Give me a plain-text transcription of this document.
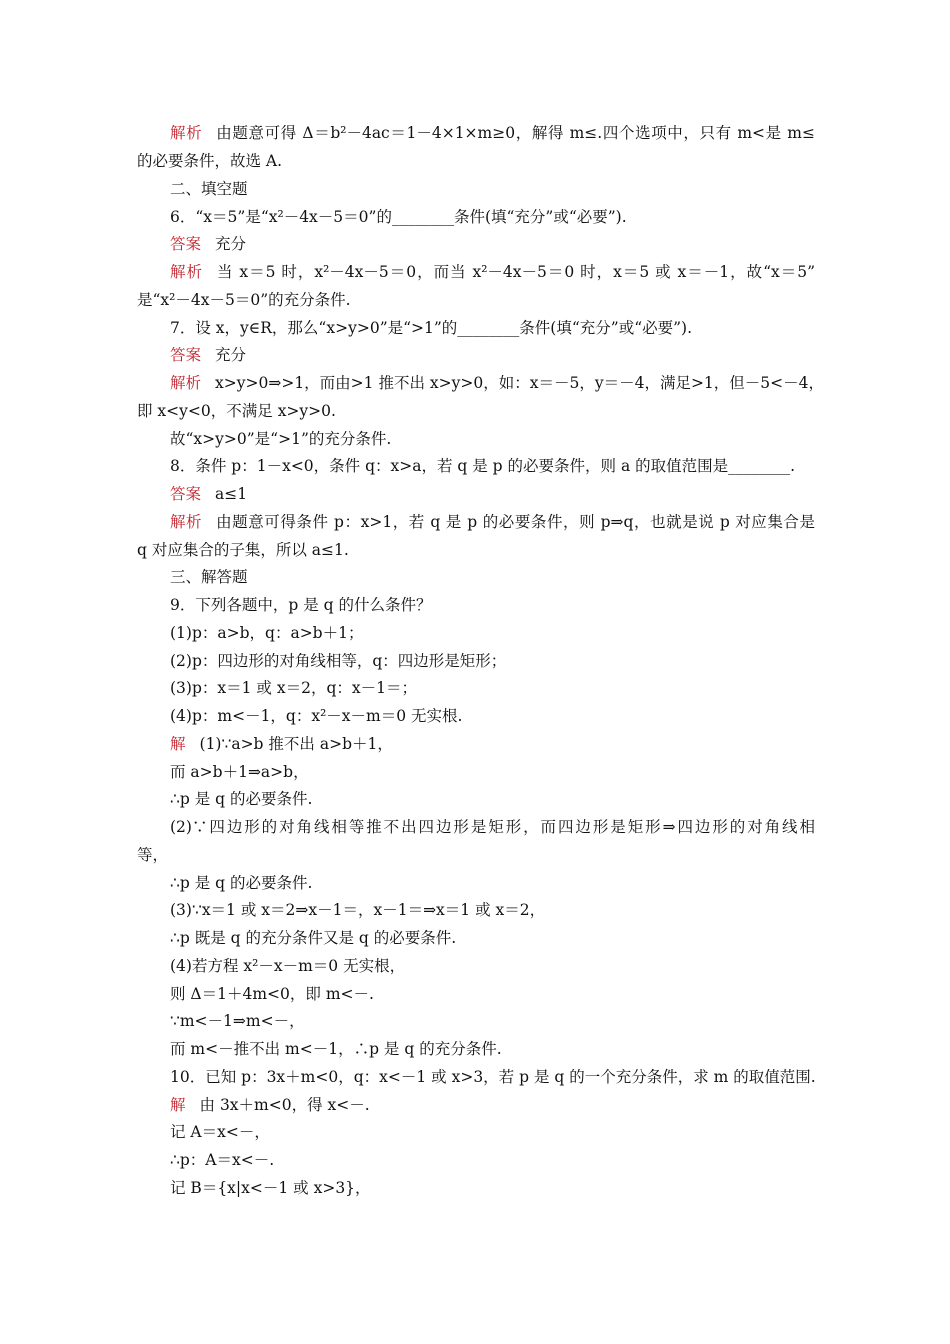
解析 由题意可得 Δ＝b²－4ac＝1－4×1×m≥0，解得 m≤.四个选项中，只有 m<是 m≤
的必要条件，故选 A.
二、填空题
6．“x＝5”是“x²－4x－5＝0”的________条件(填“充分”或“必要”).
答案 充分
解析 当 x＝5 时，x²－4x－5＝0，而当 x²－4x－5＝0 时，x＝5 或 x＝－1，故“x＝5”
是“x²－4x－5＝0”的充分条件.
7．设 x，y∈R，那么“x>y>0”是“>1”的________条件(填“充分”或“必要”).
答案 充分
解析 x>y>0⇒>1，而由>1 推不出 x>y>0，如：x＝－5，y＝－4，满足>1，但－5<－4，
即 x<y<0，不满足 x>y>0.
故“x>y>0”是“>1”的充分条件.
8．条件 p：1－x<0，条件 q：x>a，若 q 是 p 的必要条件，则 a 的取值范围是________.
答案 a≤1
解析 由题意可得条件 p：x>1，若 q 是 p 的必要条件，则 p⇒q，也就是说 p 对应集合是
q 对应集合的子集，所以 a≤1.
三、解答题
9．下列各题中，p 是 q 的什么条件？
(1)p：a>b，q：a>b＋1；
(2)p：四边形的对角线相等，q：四边形是矩形；
(3)p：x＝1 或 x＝2，q：x－1＝；
(4)p：m<－1，q：x²－x－m＝0 无实根.
解 (1)∵a>b 推不出 a>b＋1，
而 a>b＋1⇒a>b，
∴p 是 q 的必要条件.
(2)∵四边形的对角线相等推不出四边形是矩形，而四边形是矩形⇒四边形的对角线相
等，
∴p 是 q 的必要条件.
(3)∵x＝1 或 x＝2⇒x－1＝，x－1＝⇒x＝1 或 x＝2，
∴p 既是 q 的充分条件又是 q 的必要条件.
(4)若方程 x²－x－m＝0 无实根，
则 Δ＝1＋4m<0，即 m<－.
∵m<－1⇒m<－，
而 m<－推不出 m<－1，∴p 是 q 的充分条件.
10．已知 p：3x＋m<0，q：x<－1 或 x>3，若 p 是 q 的一个充分条件，求 m 的取值范围.
解 由 3x＋m<0，得 x<－.
记 A＝x<－，
∴p：A＝x<－.
记 B＝{x|x<－1 或 x>3}，
